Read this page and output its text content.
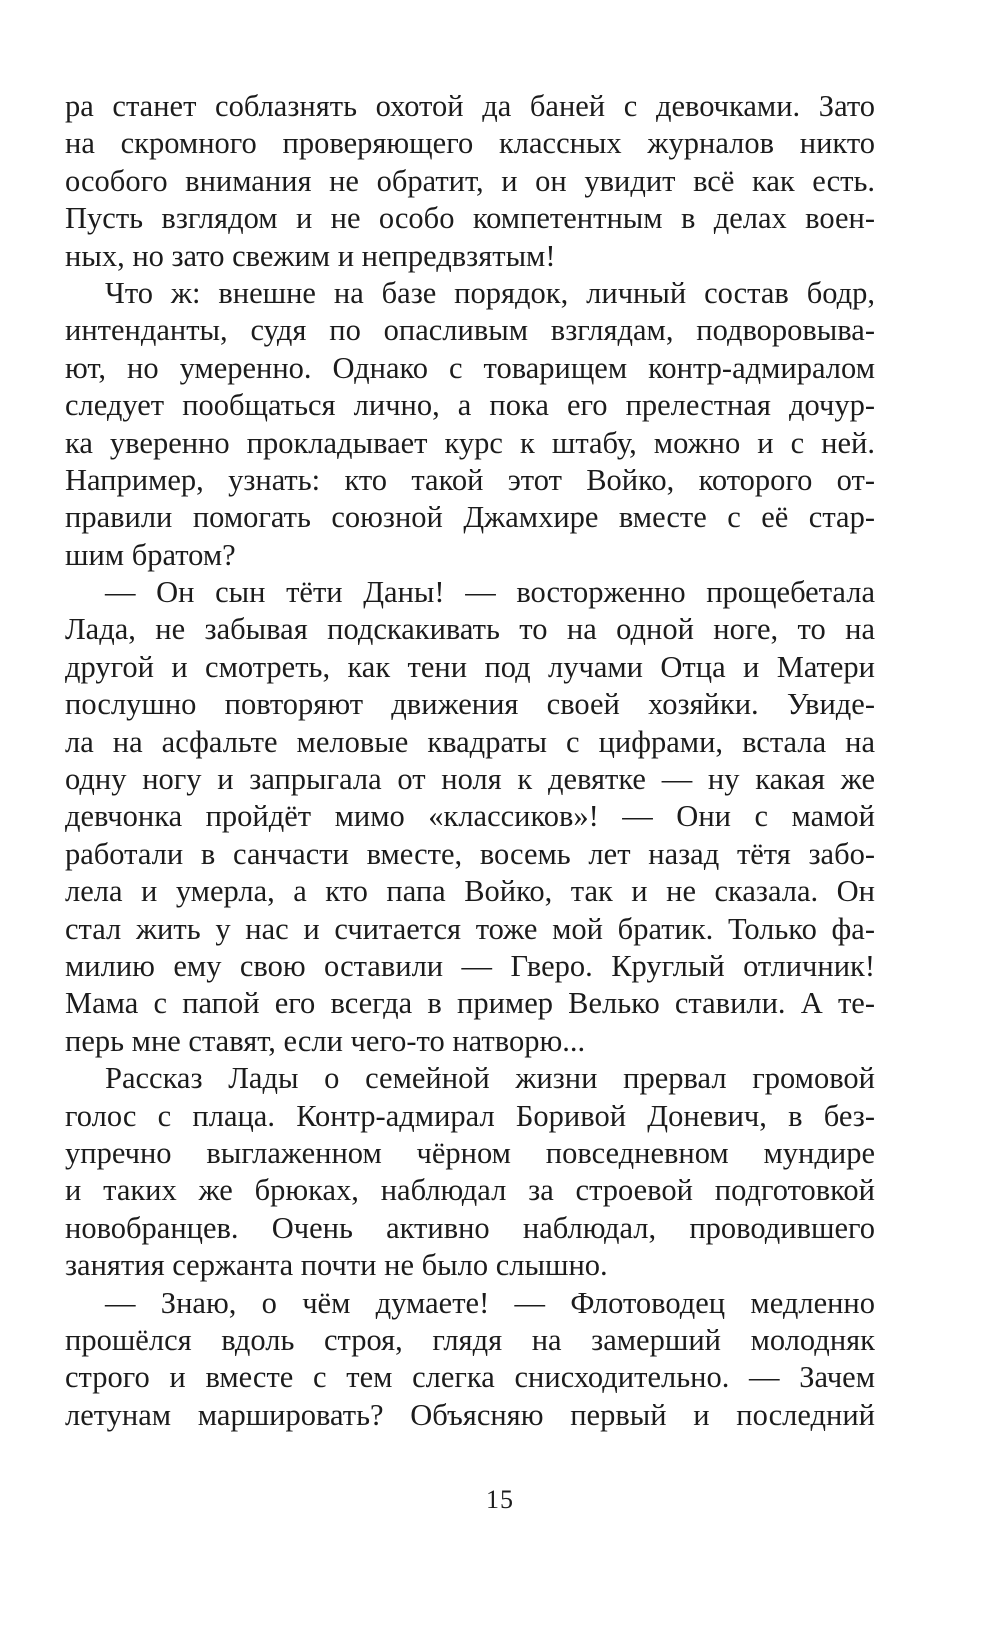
ра станет соблазнять охотой да баней с девочками. Зато
на скромного проверяющего классных журналов никто
особого внимания не обратит, и он увидит всё как есть.
Пусть взглядом и не особо компетентным в делах воен-
ных, но зато свежим и непредвзятым!
Что ж: внешне на базе порядок, личный состав бодр,
интенданты, судя по опасливым взглядам, подворовыва-
ют, но умеренно. Однако с товарищем контр-адмиралом
следует пообщаться лично, а пока его прелестная дочур-
ка уверенно прокладывает курс к штабу, можно и с ней.
Например, узнать: кто такой этот Войко, которого от-
правили помогать союзной Джамхире вместе с её стар-
шим братом?
— Он сын тёти Даны! — восторженно прощебетала
Лада, не забывая подскакивать то на одной ноге, то на
другой и смотреть, как тени под лучами Отца и Матери
послушно повторяют движения своей хозяйки. Увиде-
ла на асфальте меловые квадраты с цифрами, встала на
одну ногу и запрыгала от ноля к девятке — ну какая же
девчонка пройдёт мимо «классиков»! — Они с мамой
работали в санчасти вместе, восемь лет назад тётя забо-
лела и умерла, а кто папа Войко, так и не сказала. Он
стал жить у нас и считается тоже мой братик. Только фа-
милию ему свою оставили — Гверо. Круглый отличник!
Мама с папой его всегда в пример Велько ставили. А те-
перь мне ставят, если чего-то натворю...
Рассказ Лады о семейной жизни прервал громовой
голос с плаца. Контр-адмирал Боривой Доневич, в без-
упречно выглаженном чёрном повседневном мундире
и таких же брюках, наблюдал за строевой подготовкой
новобранцев. Очень активно наблюдал, проводившего
занятия сержанта почти не было слышно.
— Знаю, о чём думаете! — Флотоводец медленно
прошёлся вдоль строя, глядя на замерший молодняк
строго и вместе с тем слегка снисходительно. — Зачем
летунам маршировать? Объясняю первый и последний
15
